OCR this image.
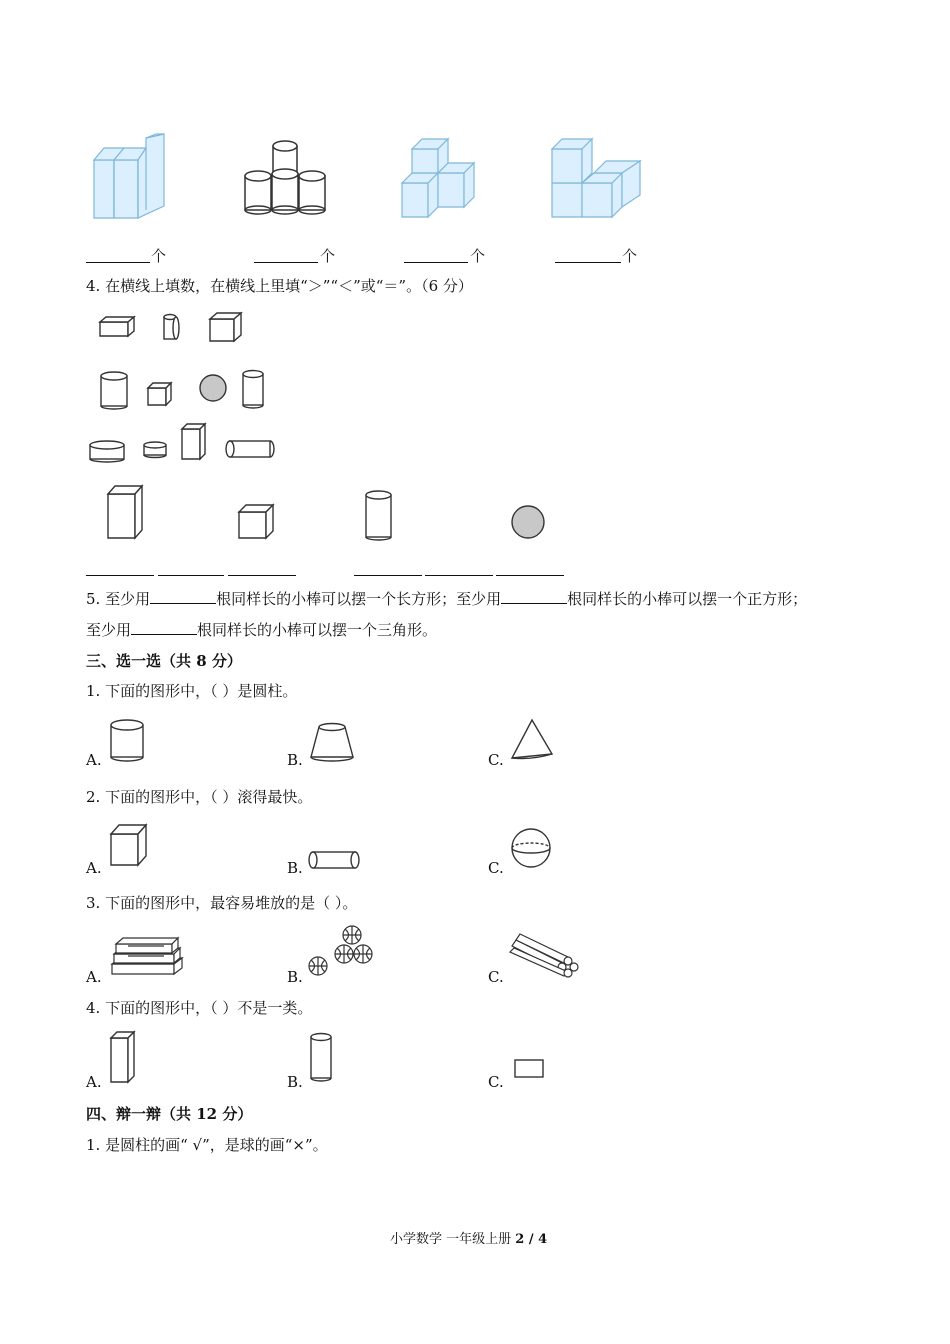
个	个	个	个
4. 在横线上填数，在横线上里填“＞”“＜”或“＝”。（6 分）
5. 至少用	根同样长的小棒可以摆一个长方形；至少用	根同样长的小棒可以摆一个正方形；
至少用	根同样长的小棒可以摆一个三角形。
三、选一选（共 8 分）
1. 下面的图形中，（ ）是圆柱。
A.	B.	C.
2. 下面的图形中，（ ）滚得最快。
A.	B.	C.
3. 下面的图形中，最容易堆放的是（ ）。
A.	B.	C.
4. 下面的图形中，（ ）不是一类。
A.	B.	C.
四、辩一辩（共 12 分）
1. 是圆柱的画“ √”，是球的画“×”。
小学数学 一年级上册 2 / 4
